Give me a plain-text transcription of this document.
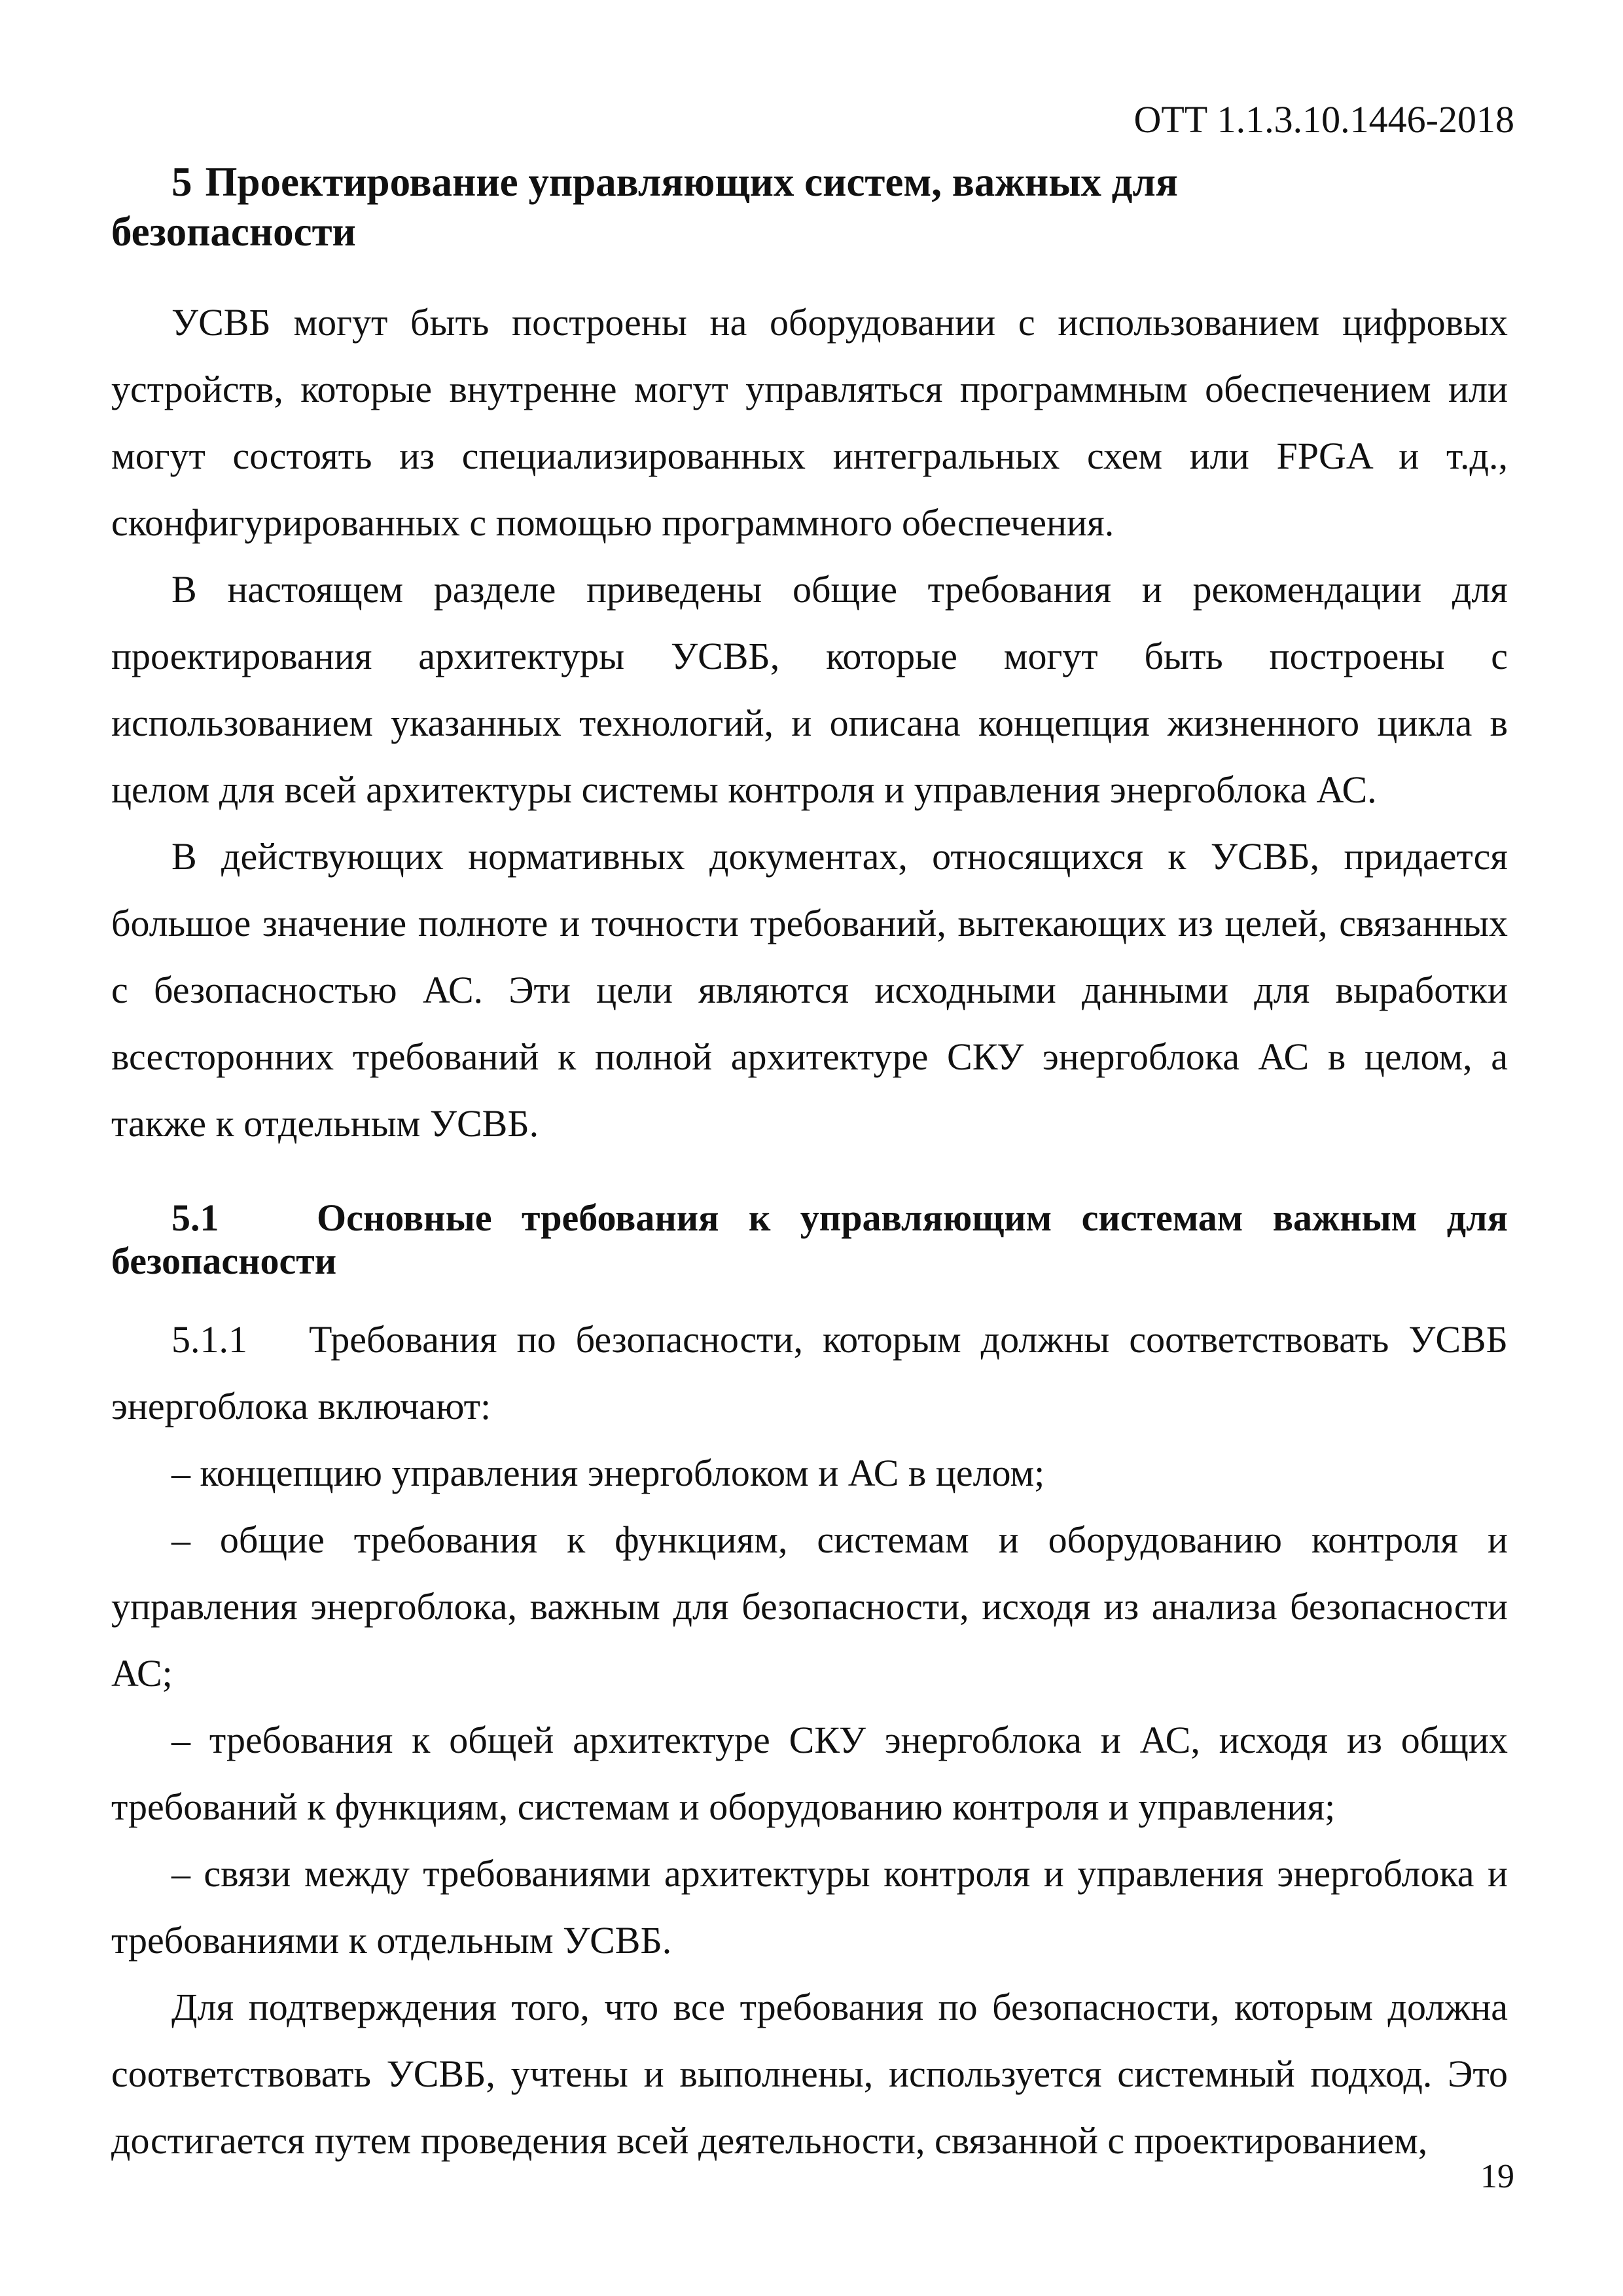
ОТТ 1.1.3.10.1446-2018
5 Проектирование управляющих систем, важных для
безопасности

УСВБ могут быть построены на оборудовании с использованием цифровых устройств, которые внутренне могут управляться программным обеспечением или могут состоять из специализированных интегральных схем или FPGA и т.д., сконфигурированных с помощью программного обеспечения.

В настоящем разделе приведены общие требования и рекомендации для проектирования архитектуры УСВБ, которые могут быть построены с использованием указанных технологий, и описана концепция жизненного цикла в целом для всей архитектуры системы контроля и управления энергоблока АС.

В действующих нормативных документах, относящихся к УСВБ, придается большое значение полноте и точности требований, вытекающих из целей, связанных с безопасностью АС. Эти цели являются исходными данными для выработки всесторонних требований к полной архитектуре СКУ энергоблока АС в целом, а также к отдельным УСВБ.

5.1	Основные требования к управляющим системам важным для безопасности

5.1.1 Требования по безопасности, которым должны соответствовать УСВБ энергоблока включают:

– концепцию управления энергоблоком и АС в целом;

– общие требования к функциям, системам и оборудованию контроля и управления энергоблока, важным для безопасности, исходя из анализа безопасности АС;

– требования к общей архитектуре СКУ энергоблока и АС, исходя из общих требований к функциям, системам и оборудованию контроля и управления;

– связи между требованиями архитектуры контроля и управления энергоблока и требованиями к отдельным УСВБ.

Для подтверждения того, что все требования по безопасности, которым должна соответствовать УСВБ, учтены и выполнены, используется системный подход. Это достигается путем проведения всей деятельности, связанной с проектированием,

19
